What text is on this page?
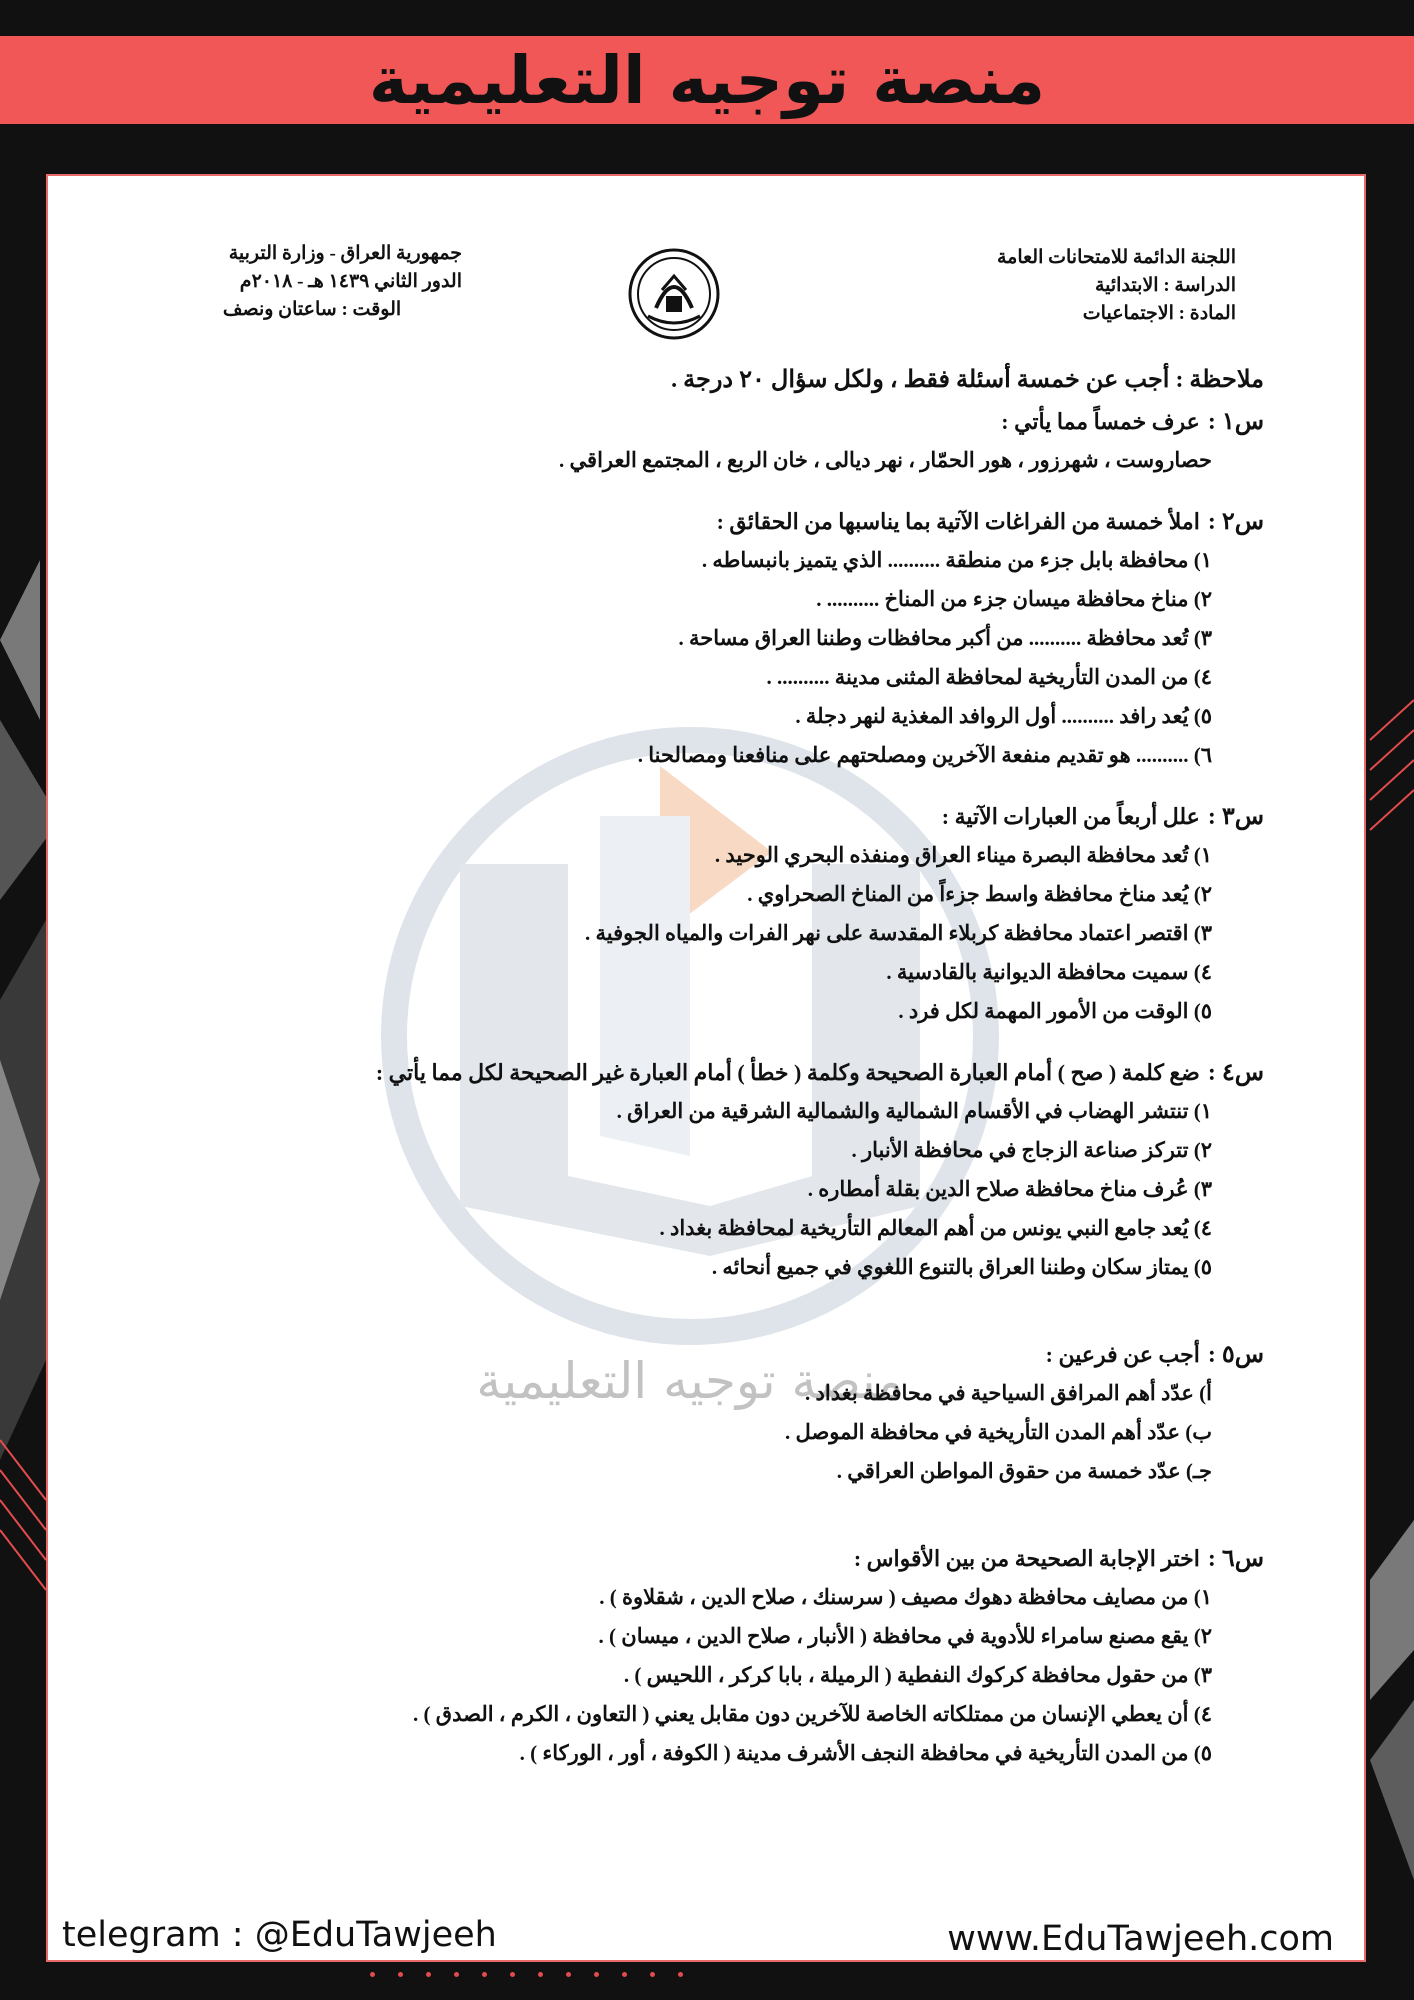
منصة توجيه التعليمية
منصة توجيه التعليمية
اللجنة الدائمة للامتحانات العامة
الدراسة : الابتدائية
المادة : الاجتماعيات
جمهورية العراق - وزارة التربية
الدور الثاني ١٤٣٩ هـ - ٢٠١٨م
الوقت : ساعتان ونصف
ملاحظة : أجب عن خمسة أسئلة فقط ، ولكل سؤال ٢٠ درجة .
س١ :عرف خمساً مما يأتي :
حصاروست ، شهرزور ، هور الحمّار ، نهر ديالى ، خان الربع ، المجتمع العراقي .
س٢ :املأ خمسة من الفراغات الآتية بما يناسبها من الحقائق :
١) محافظة بابل جزء من منطقة .......... الذي يتميز بانبساطه .
٢) مناخ محافظة ميسان جزء من المناخ .......... .
٣) تُعد محافظة .......... من أكبر محافظات وطننا العراق مساحة .
٤) من المدن التأريخية لمحافظة المثنى مدينة .......... .
٥) يُعد رافد .......... أول الروافد المغذية لنهر دجلة .
٦) .......... هو تقديم منفعة الآخرين ومصلحتهم على منافعنا ومصالحنا .
س٣ :علل أربعاً من العبارات الآتية :
١) تُعد محافظة البصرة ميناء العراق ومنفذه البحري الوحيد .
٢) يُعد مناخ محافظة واسط جزءاً من المناخ الصحراوي .
٣) اقتصر اعتماد محافظة كربلاء المقدسة على نهر الفرات والمياه الجوفية .
٤) سميت محافظة الديوانية بالقادسية .
٥) الوقت من الأمور المهمة لكل فرد .
س٤ :ضع كلمة ( صح ) أمام العبارة الصحيحة وكلمة ( خطأ ) أمام العبارة غير الصحيحة لكل مما يأتي :
١) تنتشر الهضاب في الأقسام الشمالية والشمالية الشرقية من العراق .
٢) تتركز صناعة الزجاج في محافظة الأنبار .
٣) عُرف مناخ محافظة صلاح الدين بقلة أمطاره .
٤) يُعد جامع النبي يونس من أهم المعالم التأريخية لمحافظة بغداد .
٥) يمتاز سكان وطننا العراق بالتنوع اللغوي في جميع أنحائه .
س٥ :أجب عن فرعين :
أ) عدّد أهم المرافق السياحية في محافظة بغداد .
ب) عدّد أهم المدن التأريخية في محافظة الموصل .
جـ) عدّد خمسة من حقوق المواطن العراقي .
س٦ :اختر الإجابة الصحيحة من بين الأقواس :
١) من مصايف محافظة دهوك مصيف ( سرسنك ، صلاح الدين ، شقلاوة ) .
٢) يقع مصنع سامراء للأدوية في محافظة ( الأنبار ، صلاح الدين ، ميسان ) .
٣) من حقول محافظة كركوك النفطية ( الرميلة ، بابا كركر ، اللحيس ) .
٤) أن يعطي الإنسان من ممتلكاته الخاصة للآخرين دون مقابل يعني ( التعاون ، الكرم ، الصدق ) .
٥) من المدن التأريخية في محافظة النجف الأشرف مدينة ( الكوفة ، أور ، الوركاء ) .
telegram : @EduTawjeeh	www.EduTawjeeh.com
